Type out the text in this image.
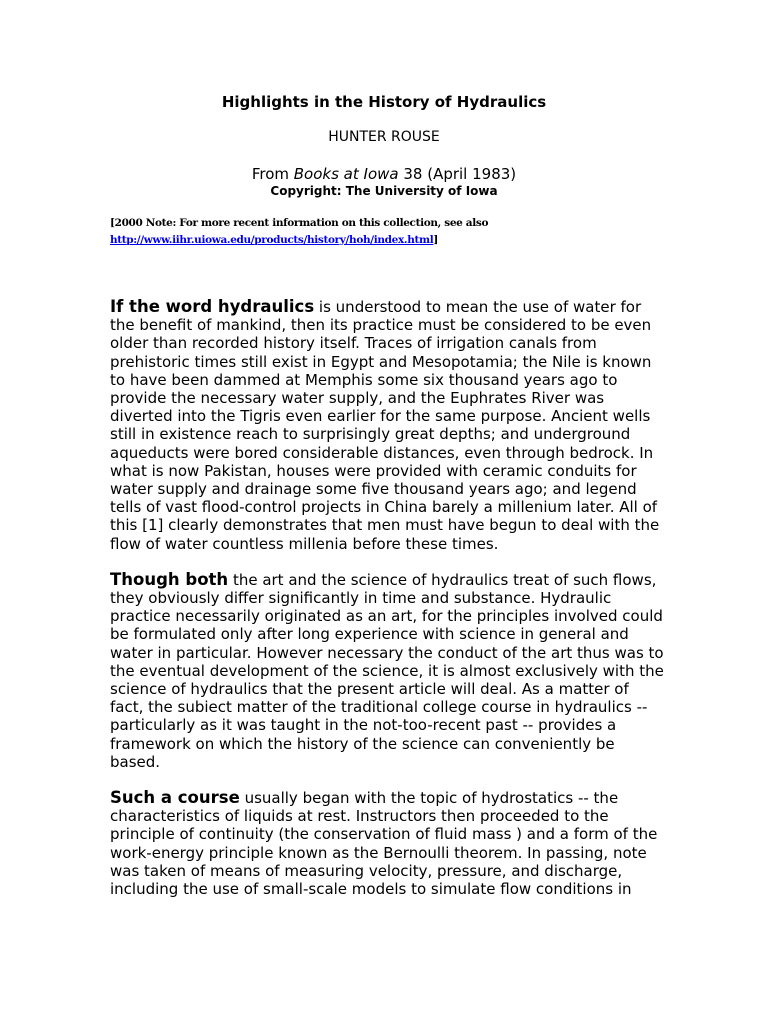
Highlights in the History of Hydraulics
HUNTER ROUSE
From Books at Iowa 38 (April 1983)
Copyright: The University of Iowa
[2000 Note: For more recent information on this collection, see also
http://www.iihr.uiowa.edu/products/history/hoh/index.html]

If the word hydraulics is understood to mean the use of water for the benefit of mankind, then its practice must be considered to be even older than recorded history itself. Traces of irrigation canals from prehistoric times still exist in Egypt and Mesopotamia; the Nile is known to have been dammed at Memphis some six thousand years ago to provide the necessary water supply, and the Euphrates River was diverted into the Tigris even earlier for the same purpose. Ancient wells still in existence reach to surprisingly great depths; and underground aqueducts were bored considerable distances, even through bedrock. In what is now Pakistan, houses were provided with ceramic conduits for water supply and drainage some five thousand years ago; and legend tells of vast flood-control projects in China barely a millenium later. All of this [1] clearly demonstrates that men must have begun to deal with the flow of water countless millenia before these times.

Though both the art and the science of hydraulics treat of such flows, they obviously differ significantly in time and substance. Hydraulic practice necessarily originated as an art, for the principles involved could be formulated only after long experience with science in general and water in particular. However necessary the conduct of the art thus was to the eventual development of the science, it is almost exclusively with the science of hydraulics that the present article will deal. As a matter of fact, the subiect matter of the traditional college course in hydraulics -- particularly as it was taught in the not-too-recent past -- provides a framework on which the history of the science can conveniently be based.

Such a course usually began with the topic of hydrostatics -- the characteristics of liquids at rest. Instructors then proceeded to the principle of continuity (the conservation of fluid mass ) and a form of the work-energy principle known as the Bernoulli theorem. In passing, note was taken of means of measuring velocity, pressure, and discharge, including the use of small-scale models to simulate flow conditions in
